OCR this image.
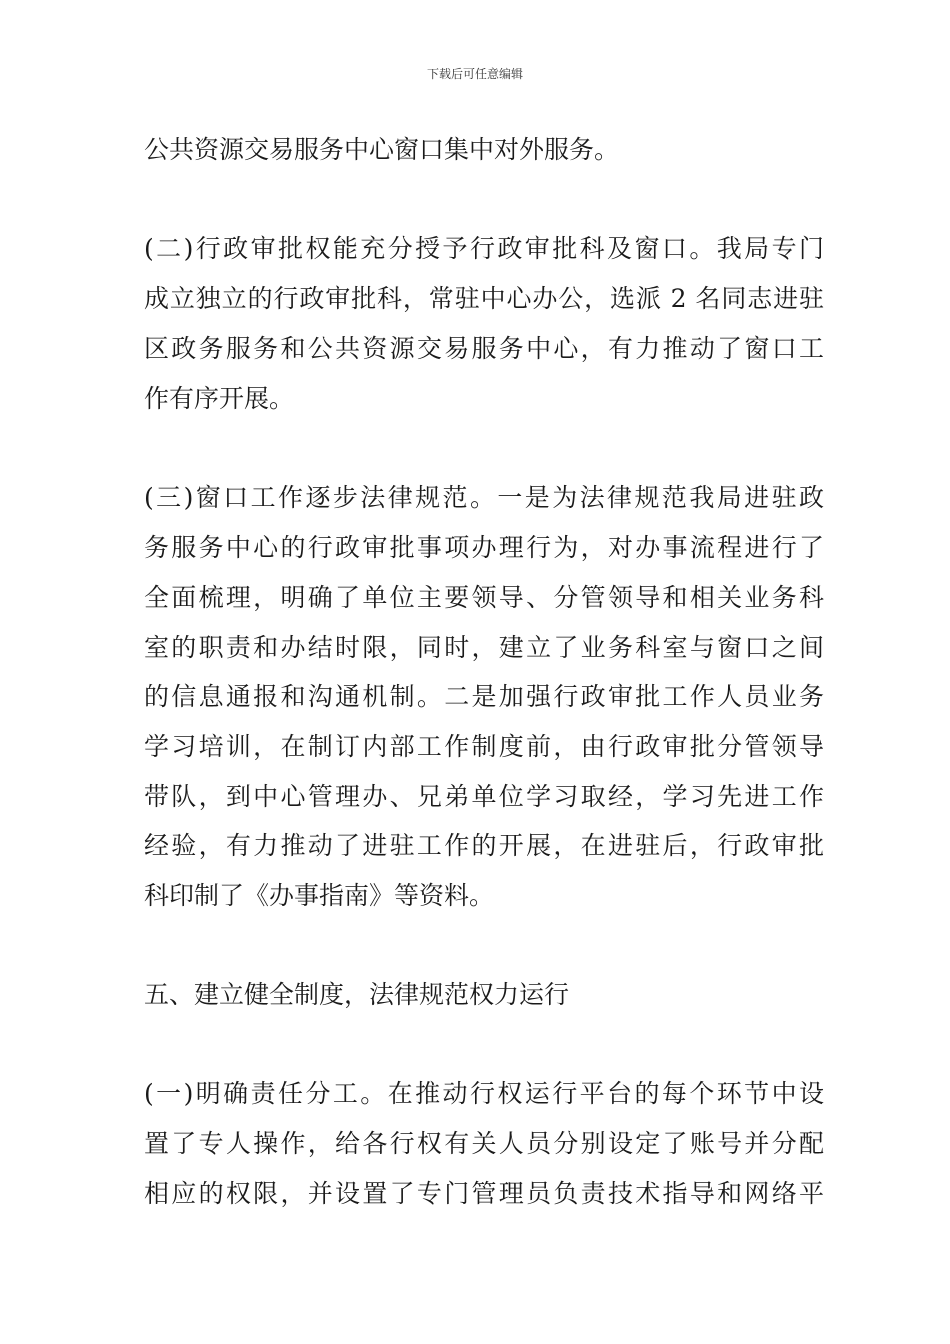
下载后可任意编辑
公共资源交易服务中心窗口集中对外服务。
(二)行政审批权能充分授予行政审批科及窗口。我局专门
成立独立的行政审批科，常驻中心办公，选派 2 名同志进驻
区政务服务和公共资源交易服务中心，有力推动了窗口工
作有序开展。
(三)窗口工作逐步法律规范。一是为法律规范我局进驻政
务服务中心的行政审批事项办理行为，对办事流程进行了
全面梳理，明确了单位主要领导、分管领导和相关业务科
室的职责和办结时限，同时，建立了业务科室与窗口之间
的信息通报和沟通机制。二是加强行政审批工作人员业务
学习培训，在制订内部工作制度前，由行政审批分管领导
带队，到中心管理办、兄弟单位学习取经，学习先进工作
经验，有力推动了进驻工作的开展，在进驻后，行政审批
科印制了《办事指南》等资料。
五、建立健全制度，法律规范权力运行
(一)明确责任分工。在推动行权运行平台的每个环节中设
置了专人操作，给各行权有关人员分别设定了账号并分配
相应的权限，并设置了专门管理员负责技术指导和网络平
